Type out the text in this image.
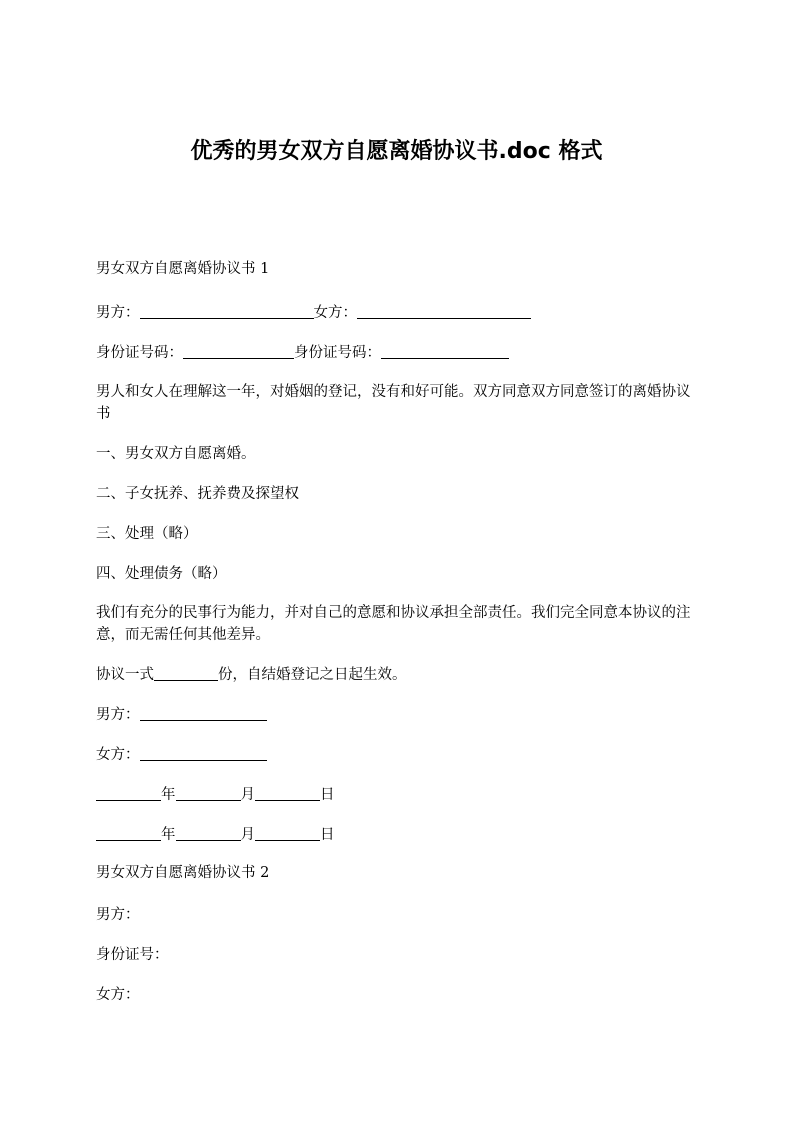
优秀的男女双方自愿离婚协议书.doc 格式

男女双方自愿离婚协议书 1

男方：	女方：

身份证号码：	身份证号码：

男人和女人在理解这一年，对婚姻的登记，没有和好可能。双方同意双方同意签订的离婚协议书

一、男女双方自愿离婚。

二、子女抚养、抚养费及探望权

三、处理（略）

四、处理债务（略）

我们有充分的民事行为能力，并对自己的意愿和协议承担全部责任。我们完全同意本协议的注意，而无需任何其他差异。

协议一式	份，自结婚登记之日起生效。

男方：

女方：

年	月	日

年	月	日

男女双方自愿离婚协议书 2

男方：

身份证号：

女方：
